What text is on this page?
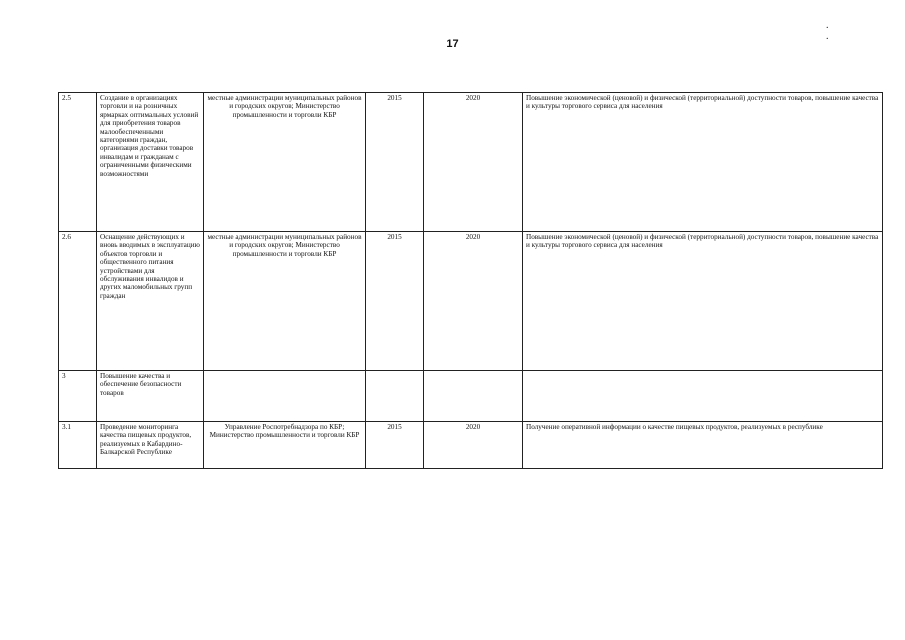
17
. .
2.5	Создание в организациях торговли и на розничных ярмарках оптимальных условий для приобретения товаров малообеспеченными категориями граждан, организация доставки товаров инвалидам и гражданам с ограниченными физическими возможностями	местные администрации муниципальных районов и городских округов; Министерство промышленности и торговли КБР	2015	2020	Повышение экономической (ценовой) и физической (территориальной) доступности товаров, повышение качества и культуры торгового сервиса для населения
2.6	Оснащение действующих и вновь вводимых в эксплуатацию объектов торговли и общественного питания устройствами для обслуживания инвалидов и других маломобильных групп граждан	местные администрации муниципальных районов и городских округов; Министерство промышленности и торговли КБР	2015	2020	Повышение экономической (ценовой) и физической (территориальной) доступности товаров, повышение качества и культуры торгового сервиса для населения
3	Повышение качества и обеспечение безопасности товаров				
3.1	Проведение мониторинга качества пищевых продуктов, реализуемых в Кабардино-Балкарской Республике	Управление Роспотребнадзора по КБР; Министерство промышленности и торговли КБР	2015	2020	Получение оперативной информации о качестве пищевых продуктов, реализуемых в республике
